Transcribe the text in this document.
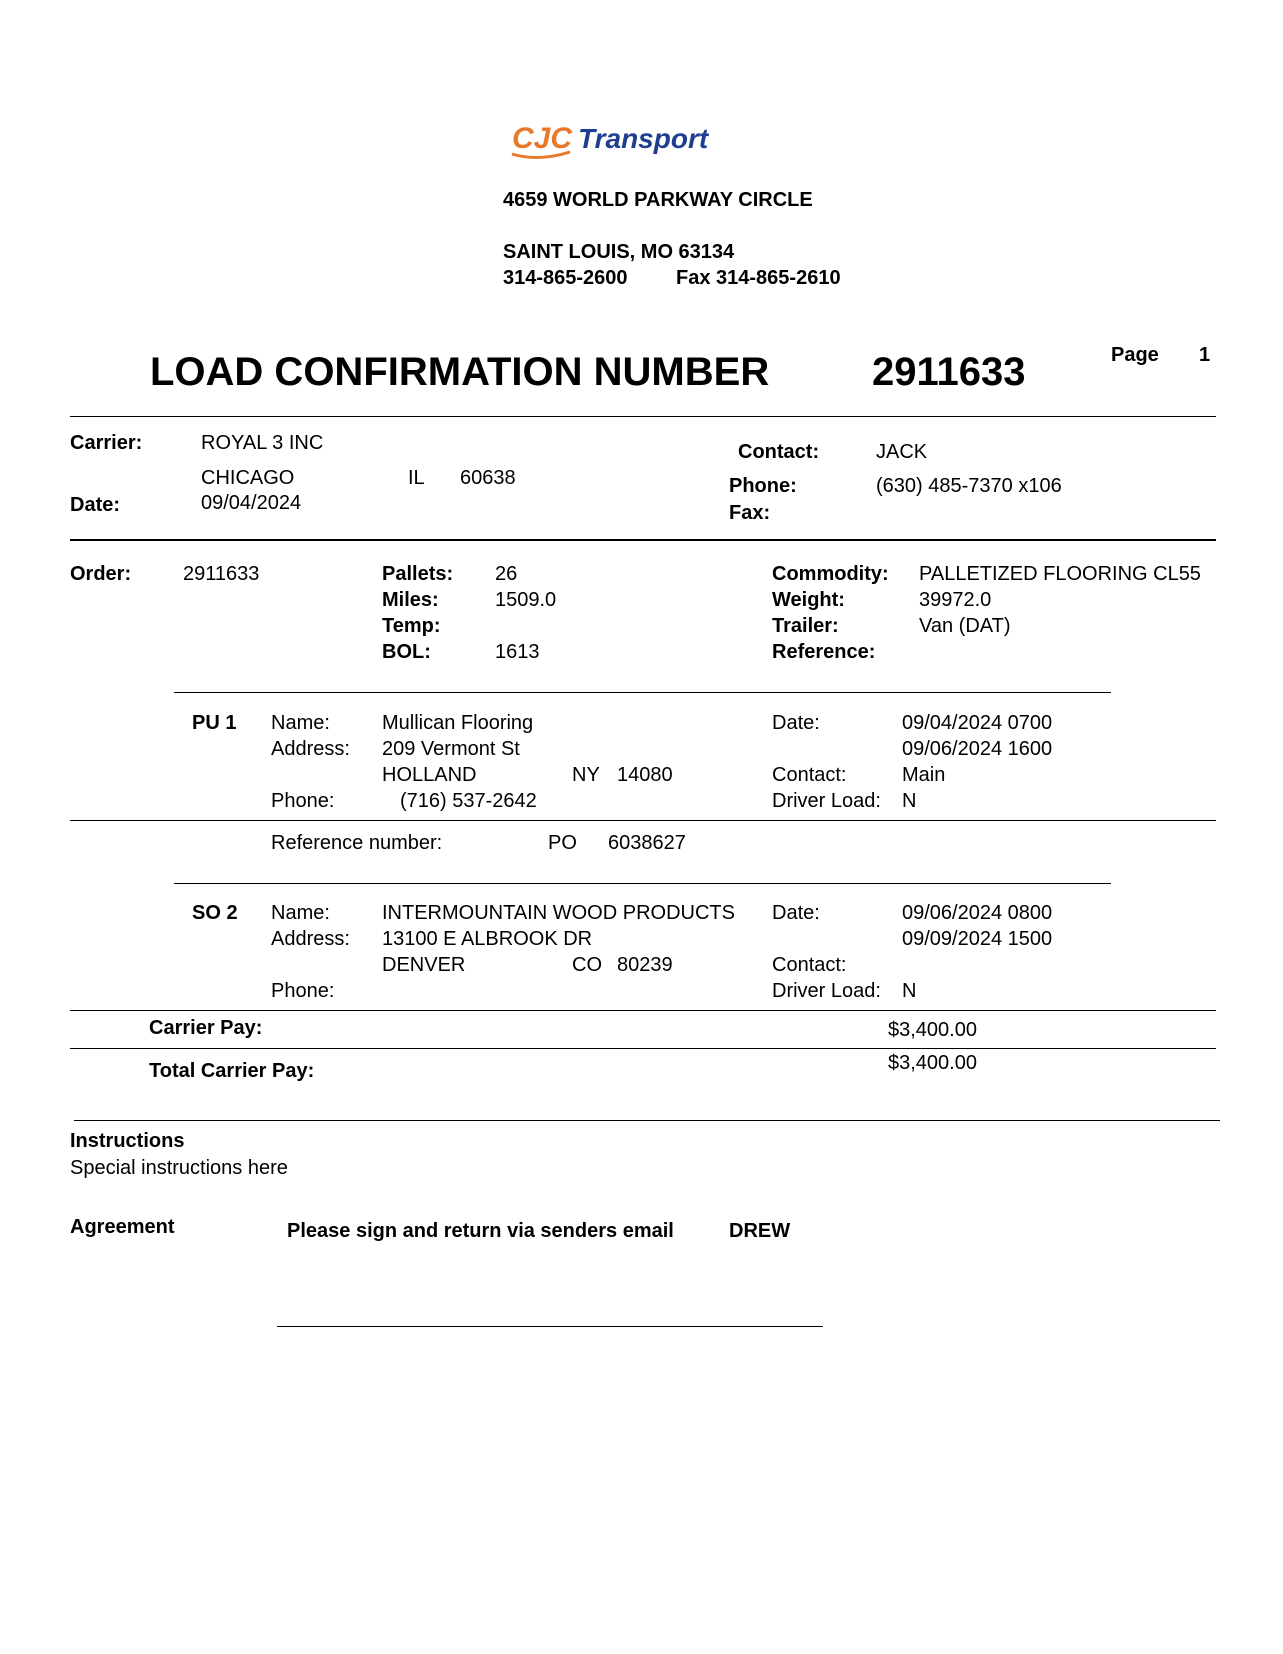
CJC Transport
4659 WORLD PARKWAY CIRCLE
SAINT LOUIS, MO 63134
314-865-2600 Fax 314-865-2610
LOAD CONFIRMATION NUMBER	2911633	Page 1
Carrier:	ROYAL 3 INC
CHICAGO	IL 60638
Date:	09/04/2024
Contact:	JACK
Phone:	(630) 485-7370 x106
Fax:
Order:	2911633	Pallets: 26
Miles:	1509.0
Temp:
BOL:	1613
Commodity: PALLETIZED FLOORING CL55
Weight:	39972.0
Trailer:	Van (DAT)
Reference:
PU 1 Name:	Mullican Flooring
Address: 209 Vermont St
HOLLAND	NY 14080
Phone:	(716) 537-2642
Date:	09/04/2024 0700
09/06/2024 1600
Contact:	Main
Driver Load: N
Reference number:	PO 6038627
SO 2 Name:	INTERMOUNTAIN WOOD PRODUCTS
Address: 13100 E ALBROOK DR
DENVER	CO 80239
Phone:
Date:	09/06/2024 0800
09/09/2024 1500
Contact:
Driver Load: N
Carrier Pay:	$3,400.00
Total Carrier Pay:	$3,400.00
Instructions
Special instructions here
Agreement	Please sign and return via senders email	DREW
